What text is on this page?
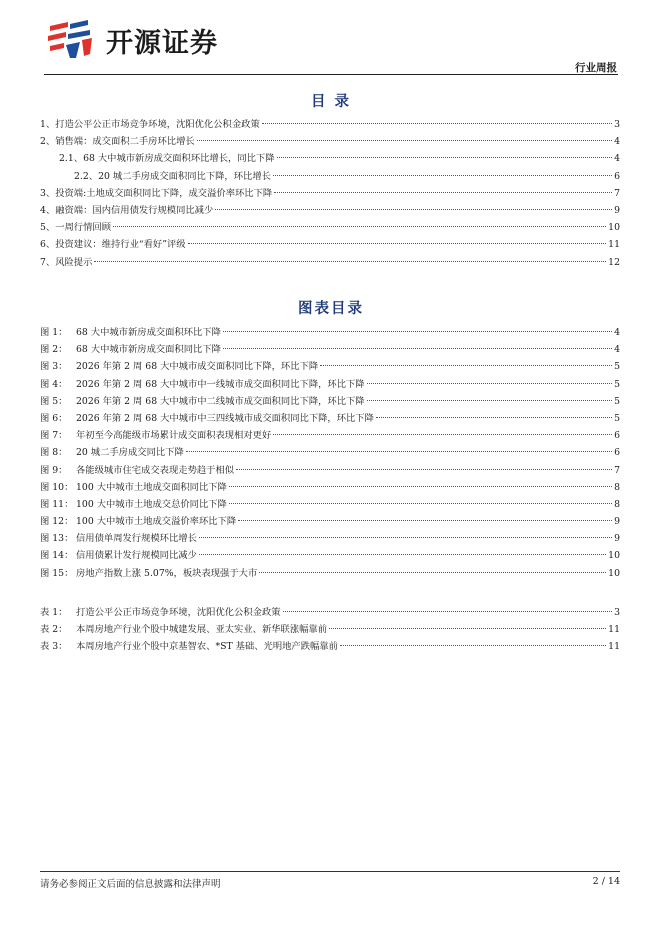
开源证券
行业周报
目 录
1、打造公平公正市场竞争环境，沈阳优化公积金政策	3
2、销售端：成交面积二手房环比增长	4
2.1、68 大中城市新房成交面积环比增长，同比下降	4
2.2、20 城二手房成交面积同比下降，环比增长	6
3、投资端:土地成交面积同比下降，成交溢价率环比下降	7
4、融资端：国内信用债发行规模同比减少	9
5、一周行情回顾	10
6、投资建议：维持行业“看好”评级	11
7、风险提示	12
图表目录
图 1： 68 大中城市新房成交面积环比下降	4
图 2： 68 大中城市新房成交面积同比下降	4
图 3： 2026 年第 2 周 68 大中城市成交面积同比下降，环比下降	5
图 4： 2026 年第 2 周 68 大中城市中一线城市成交面积同比下降，环比下降	5
图 5： 2026 年第 2 周 68 大中城市中二线城市成交面积同比下降，环比下降	5
图 6： 2026 年第 2 周 68 大中城市中三四线城市成交面积同比下降，环比下降	5
图 7： 年初至今高能级市场累计成交面积表现相对更好	6
图 8： 20 城二手房成交同比下降	6
图 9： 各能级城市住宅成交表现走势趋于相似	7
图 10： 100 大中城市土地成交面积同比下降	8
图 11： 100 大中城市土地成交总价同比下降	8
图 12： 100 大中城市土地成交溢价率环比下降	9
图 13： 信用债单周发行规模环比增长	9
图 14： 信用债累计发行规模同比减少	10
图 15： 房地产指数上涨 5.07%，板块表现强于大市	10
表 1： 打造公平公正市场竞争环境，沈阳优化公积金政策	3
表 2： 本周房地产行业个股中城建发展、亚太实业、新华联涨幅靠前	11
表 3： 本周房地产行业个股中京基智农、*ST 基础、光明地产跌幅靠前	11
请务必参阅正文后面的信息披露和法律声明	2 / 14
